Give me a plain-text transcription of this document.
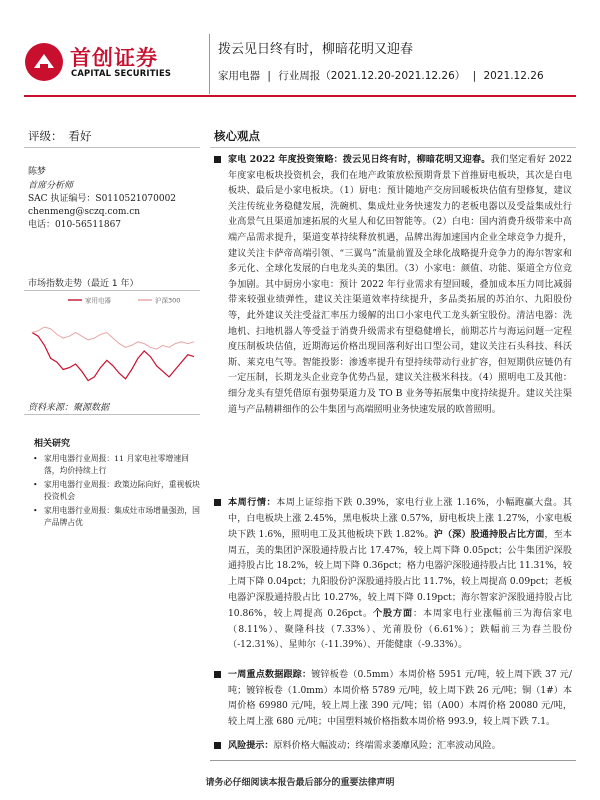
首创证券
CAPITAL SECURITIES
拨云见日终有时，柳暗花明又迎春
家用电器 | 行业周报（2021.12.20-2021.12.26） | 2021.12.26
评级： 看好
陈梦
首席分析师
SAC 执证编号：S0110521070002
chenmeng@sczq.com.cn
电话：010-56511867
市场指数走势（最近 1 年）
家用电器	沪深300
资料来源：聚源数据
相关研究
• 家用电器行业周报：11 月家电社零增速回落，均价持续上行
• 家用电器行业周报：政策边际向好，重视板块投资机会
• 家用电器行业周报：集成灶市场增量强劲，国产品牌占优
核心观点
家电 2022 年度投资策略：拨云见日终有时，柳暗花明又迎春。我们坚定看好 2022 年度家电板块投资机会，我们在地产政策放松预期背景下首推厨电板块，其次是白电板块、最后是小家电板块。（1）厨电：预计随地产交房回暖板块估值有望修复，建议关注传统业务稳健发展，洗碗机、集成灶业务快速发力的老板电器以及受益集成灶行业高景气且渠道加速拓展的火星人和亿田智能等。（2）白电：国内消费升级带来中高端产品需求提升，渠道变革持续释放机遇，品牌出海加速国内企业全球竞争力提升，建议关注卡萨帝高端引领、“三翼鸟”流量前置及全球化战略提升竞争力的海尔智家和多元化、全球化发展的白电龙头美的集团。（3）小家电：颜值、功能、渠道全方位竞争加剧。其中厨房小家电：预计 2022 年行业需求有望回暖，叠加成本压力同比减弱带来较强业绩弹性，建议关注渠道效率持续提升，多品类拓展的苏泊尔、九阳股份等，此外建议关注受益汇率压力缓解的出口小家电代工龙头新宝股份。清洁电器：洗地机、扫地机器人等受益于消费升级需求有望稳健增长，前期芯片与海运问题一定程度压制板块估值，近期海运价格出现回落利好出口型公司，建议关注石头科技、科沃斯、莱克电气等。智能投影：渗透率提升有望持续带动行业扩容，但短期供应链仍有一定压制，长期龙头企业竞争优势凸显，建议关注极米科技。（4）照明电工及其他：细分龙头有望凭借原有强势渠道力及 TO B 业务等拓展集中度持续提升。建议关注渠道与产品精耕细作的公牛集团与高端照明业务快速发展的欧普照明。
本周行情：本周上证综指下跌 0.39%，家电行业上涨 1.16%，小幅跑赢大盘。其中，白电板块上涨 2.45%，黑电板块上涨 0.57%，厨电板块上涨 1.27%，小家电板块下跌 1.6%，照明电工及其他板块下跌 1.82%。沪（深）股通持股占比方面，至本周五，美的集团沪深股通持股占比 17.47%，较上周下降 0.05pct；公牛集团沪深股通持股占比 18.2%，较上周下降 0.36pct；格力电器沪深股通持股占比 11.31%，较上周下降 0.04pct；九阳股份沪深股通持股占比 11.7%，较上周提高 0.09pct；老板电器沪深股通持股占比 10.27%，较上周下降 0.19pct；海尔智家沪深股通持股占比 10.86%，较上周提高 0.26pct。个股方面：本周家电行业涨幅前三为海信家电（8.11%）、聚隆科技（7.33%）、光莆股份（6.61%）；跌幅前三为春兰股份（-12.31%）、星帅尔（-11.39%）、开能健康（-9.33%）。
一周重点数据跟踪：镀锌板卷（0.5mm）本周价格 5951 元/吨，较上周下跌 37 元/吨；镀锌板卷（1.0mm）本周价格 5789 元/吨，较上周下跌 26 元/吨；铜（1#）本周价格 69980 元/吨，较上周上涨 390 元/吨；铝（A00）本周价格 20080 元/吨，较上周上涨 680 元/吨；中国塑料城价格指数本周价格 993.9，较上周下跌 7.1。
风险提示：原料价格大幅波动；终端需求萎靡风险；汇率波动风险。
请务必仔细阅读本报告最后部分的重要法律声明
